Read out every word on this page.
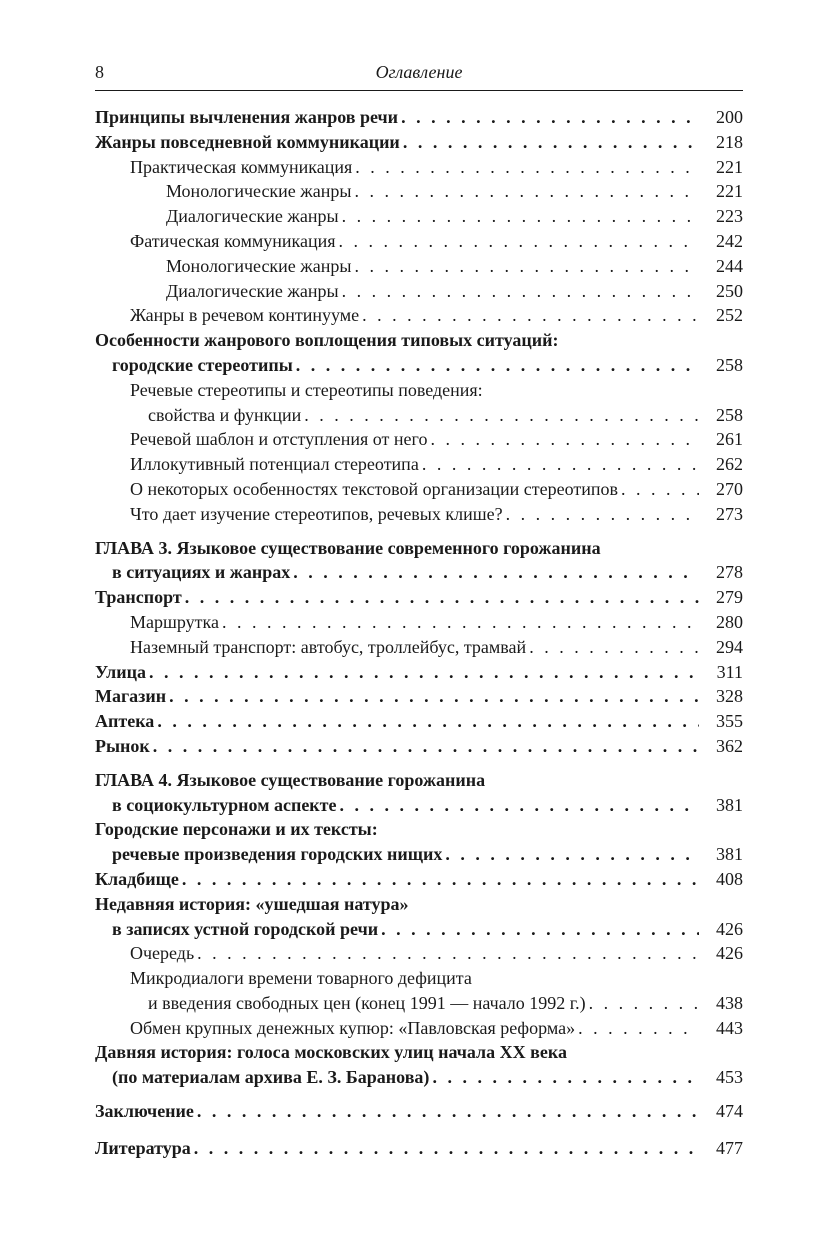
8	Оглавление
Принципы вычленения жанров речи . . .	200
Жанры повседневной коммуникации . . .	218
Практическая коммуникация . . .	221
Монологические жанры . . .	221
Диалогические жанры . . .	223
Фатическая коммуникация . . .	242
Монологические жанры . . .	244
Диалогические жанры . . .	250
Жанры в речевом континууме . . .	252
Особенности жанрового воплощения типовых ситуаций:
городские стереотипы . . .	258
Речевые стереотипы и стереотипы поведения:
свойства и функции . . .	258
Речевой шаблон и отступления от него . . .	261
Иллокутивный потенциал стереотипа . . .	262
О некоторых особенностях текстовой организации стереотипов . . .	270
Что дает изучение стереотипов, речевых клише? . . .	273
ГЛАВА 3. Языковое существование современного горожанина
в ситуациях и жанрах . . .	278
Транспорт . . .	279
Маршрутка . . .	280
Наземный транспорт: автобус, троллейбус, трамвай . . .	294
Улица . . .	311
Магазин . . .	328
Аптека . . .	355
Рынок . . .	362
ГЛАВА 4. Языковое существование горожанина
в социокультурном аспекте . . .	381
Городские персонажи и их тексты:
речевые произведения городских нищих . . .	381
Кладбище . . .	408
Недавняя история: «ушедшая натура»
в записях устной городской речи . . .	426
Очередь . . .	426
Микродиалоги времени товарного дефицита
и введения свободных цен (конец 1991 — начало 1992 г.) . . .	438
Обмен крупных денежных купюр: «Павловская реформа» . . .	443
Давняя история: голоса московских улиц начала XX века
(по материалам архива Е. З. Баранова) . . .	453
Заключение . . .	474
Литература . . .	477
